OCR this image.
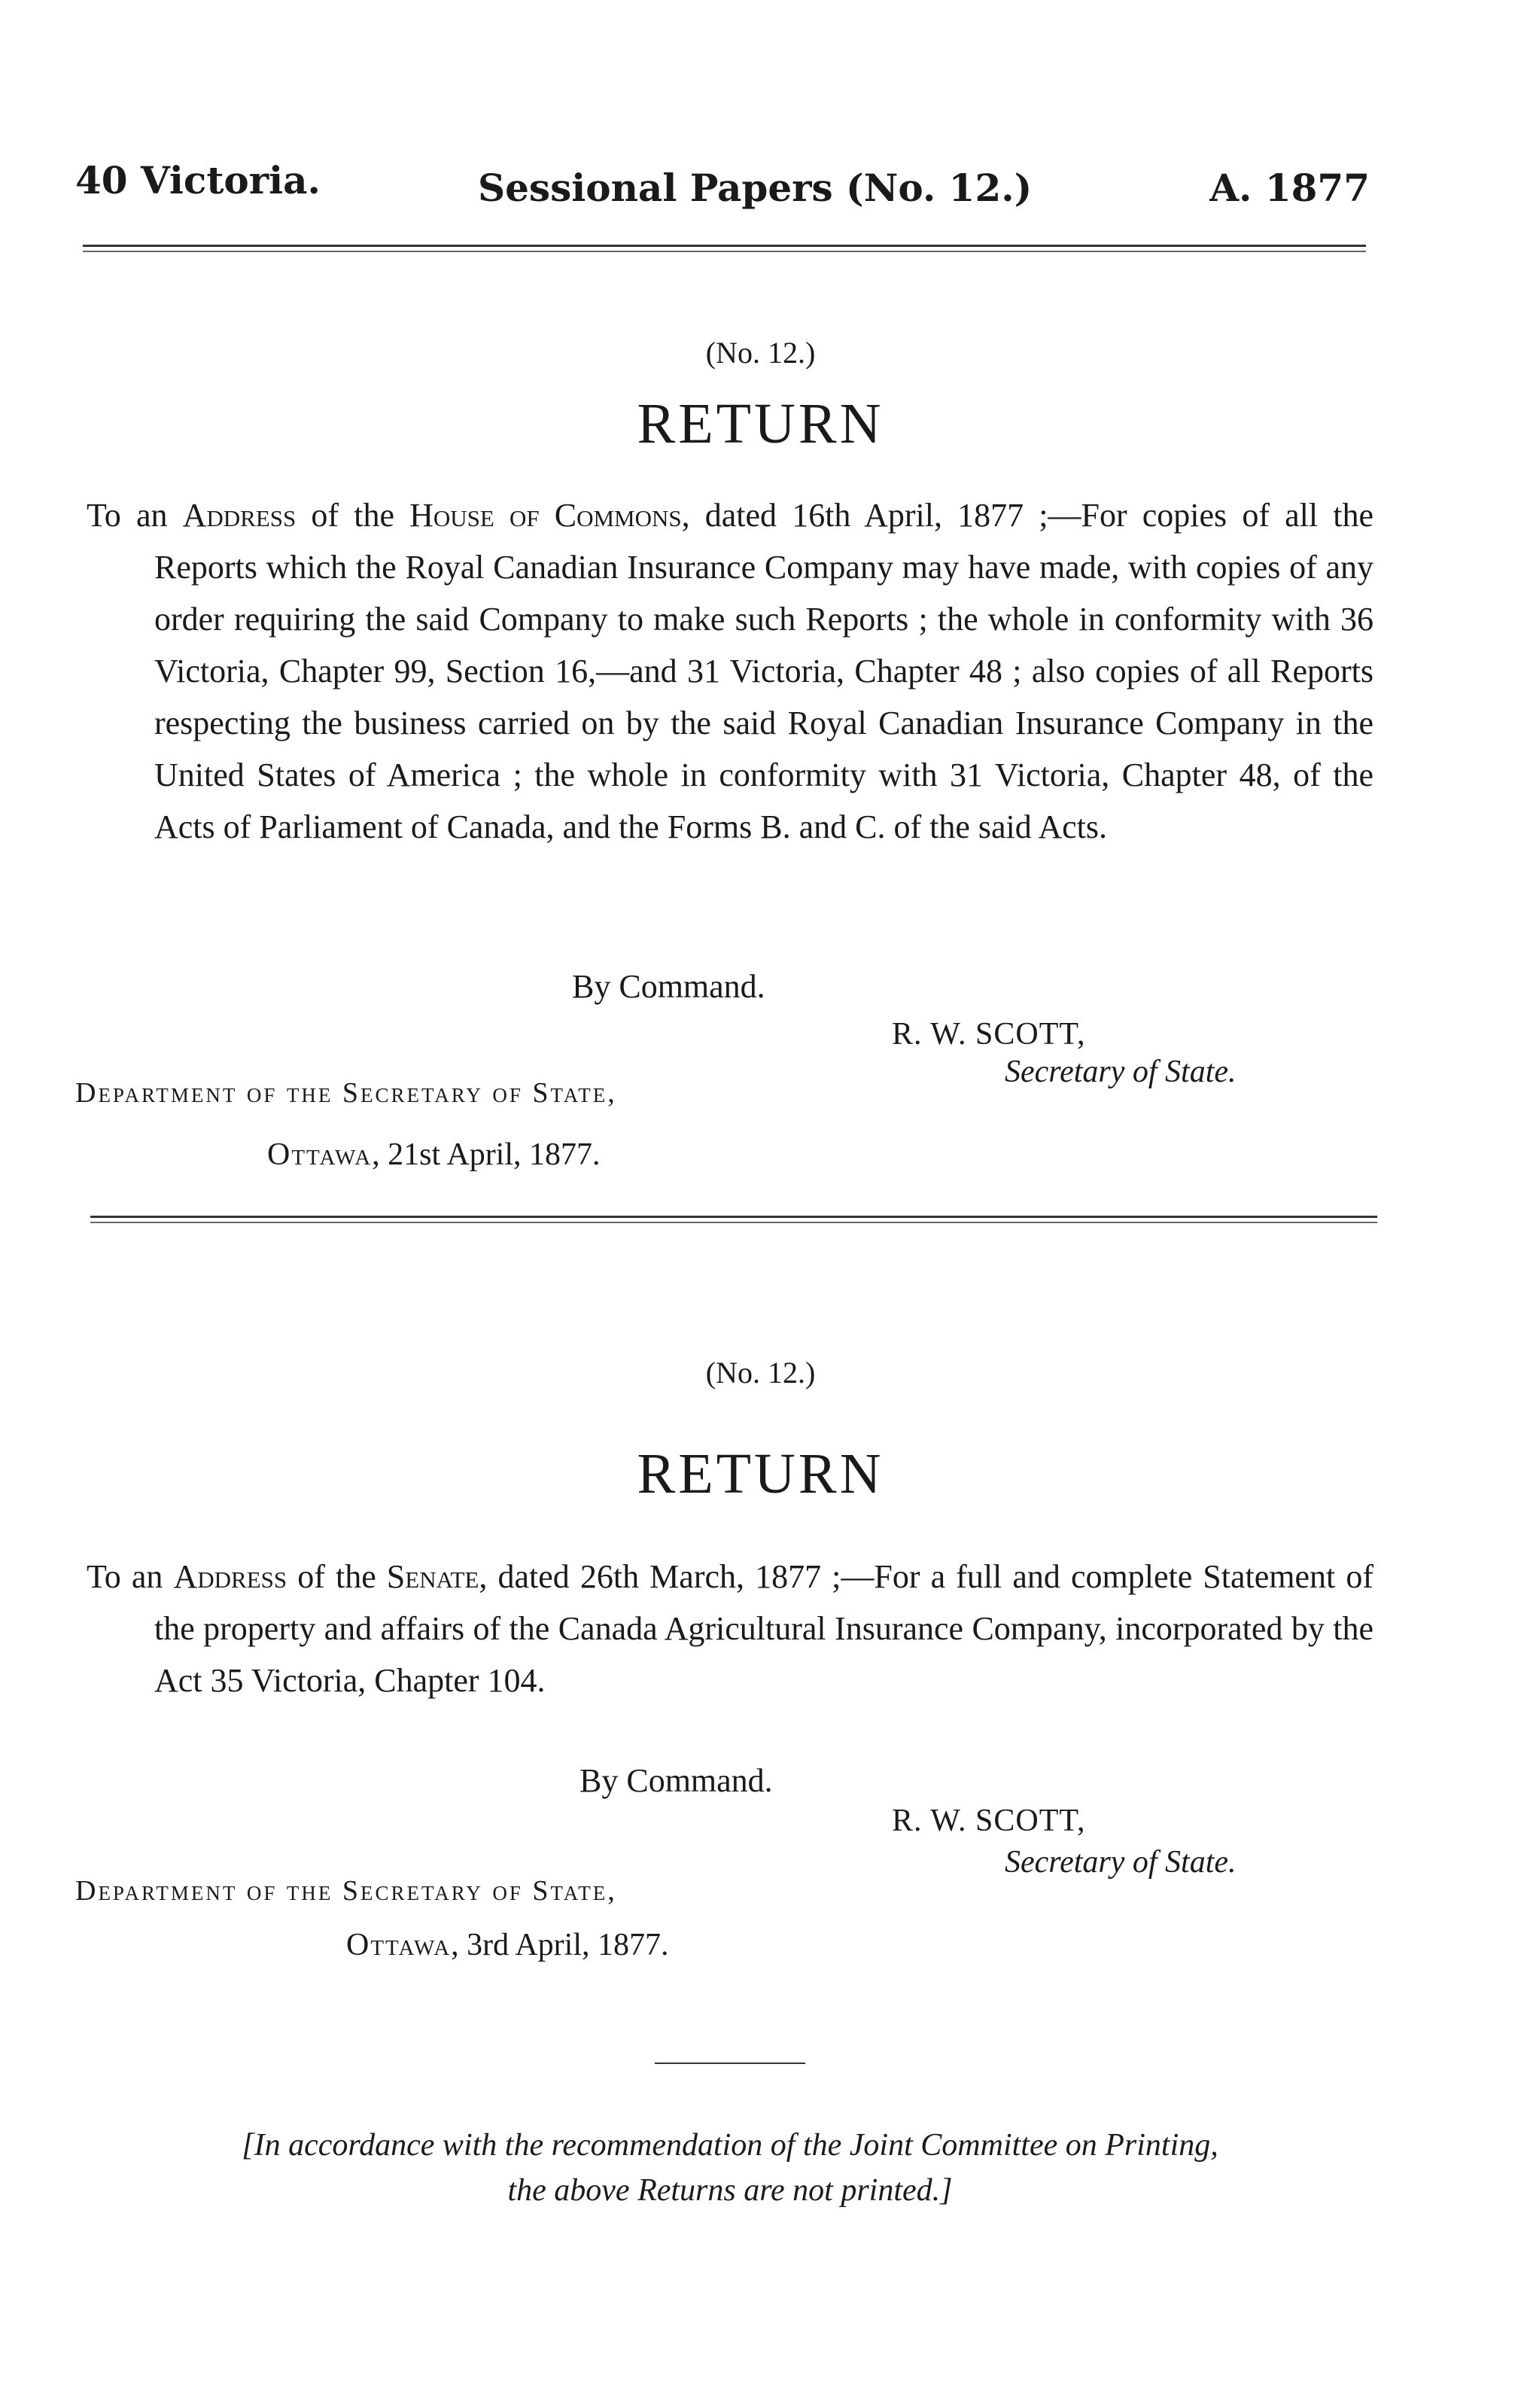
40 Victoria.	Sessional Papers (No. 12.)	A. 1877
(No. 12.)
RETURN
To an Address of the House of Commons, dated 16th April, 1877 ;—For copies of all the Reports which the Royal Canadian Insurance Company may have made, with copies of any order requiring the said Company to make such Reports ; the whole in conformity with 36 Victoria, Chapter 99, Section 16,—and 31 Victoria, Chapter 48 ; also copies of all Reports respecting the business carried on by the said Royal Canadian Insurance Company in the United States of America ; the whole in conformity with 31 Victoria, Chapter 48, of the Acts of Parliament of Canada, and the Forms B. and C. of the said Acts.
By Command.
R. W. SCOTT,
Secretary of State.
Department of the Secretary of State,
Ottawa, 21st April, 1877.
(No. 12.)
RETURN
To an Address of the Senate, dated 26th March, 1877 ;—For a full and complete Statement of the property and affairs of the Canada Agricultural Insurance Company, incorporated by the Act 35 Victoria, Chapter 104.
By Command.
R. W. SCOTT,
Secretary of State.
Department of the Secretary of State,
Ottawa, 3rd April, 1877.
[In accordance with the recommendation of the Joint Committee on Printing,
the above Returns are not printed.]
